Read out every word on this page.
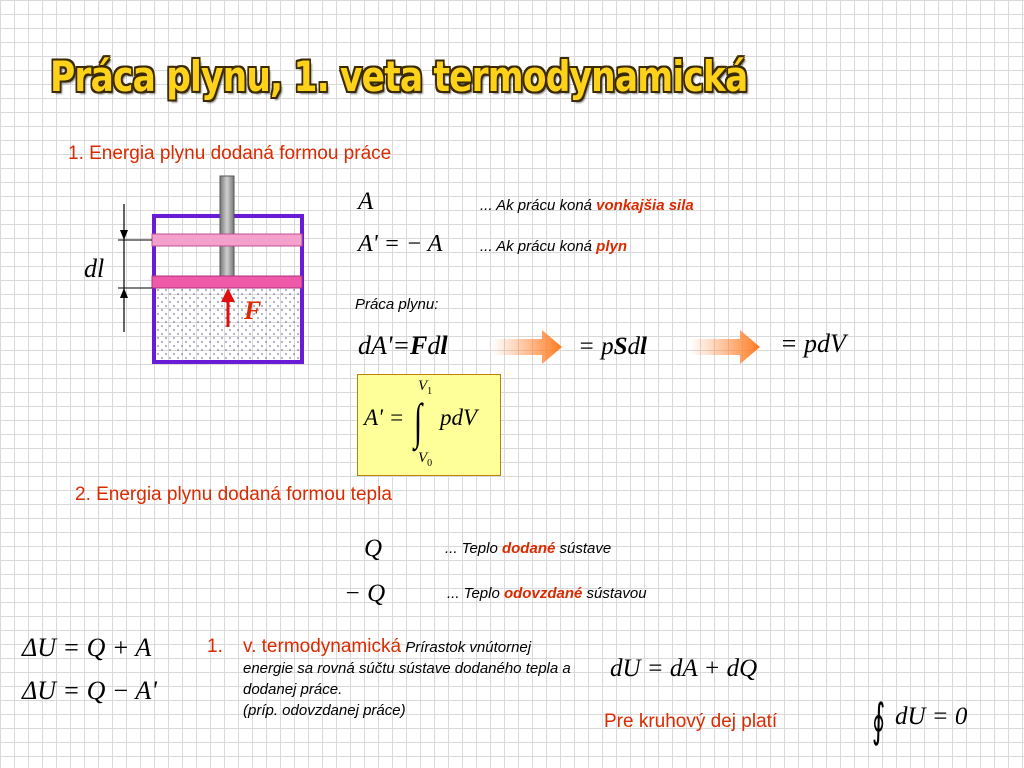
Práca plynu, 1. veta termodynamická
1. Energia plynu dodaná formou práce
dl
F
A
A' = − A
... Ak prácu koná vonkajšia sila
... Ak prácu koná plyn
Práca plynu:
dA'=Fdl	= pSdl	= pdV
A' = ∫
$V_1$
$V_0$
pdV
2. Energia plynu dodaná formou tepla
Q
− Q
... Teplo dodané sústave
... Teplo odovzdané sústavou
ΔU = Q + A
ΔU = Q − A'
1. v. termodynamická Prírastok vnútornej energie sa rovná súčtu sústave dodaného tepla a dodanej práce.
(príp. odovzdanej práce)
dU = dA + dQ
Pre kruhový dej platí ∮ dU = 0
